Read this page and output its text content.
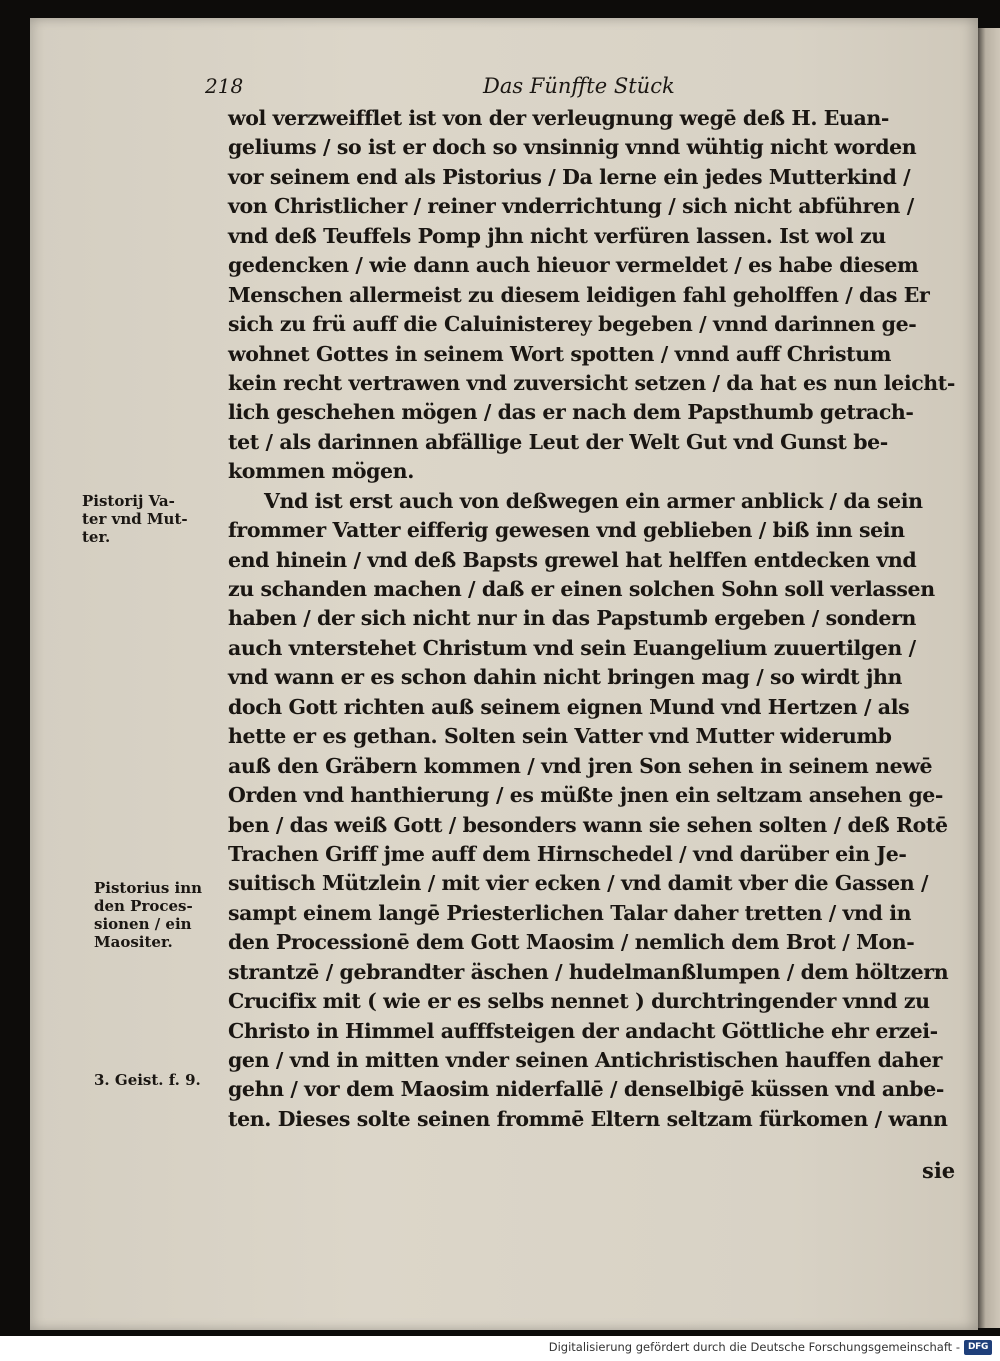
218	Das Fünffte Stück
wol verzweifflet ist von der verleugnung wegē deß H. Euan-
geliums / so ist er doch so vnsinnig vnnd wühtig nicht worden
vor seinem end als Pistorius / Da lerne ein jedes Mutterkind /
von Christlicher / reiner vnderrichtung / sich nicht abführen /
vnd deß Teuffels Pomp jhn nicht verfüren lassen. Ist wol zu
gedencken / wie dann auch hieuor vermeldet / es habe diesem
Menschen allermeist zu diesem leidigen fahl geholffen / das Er
sich zu frü auff die Caluinisterey begeben / vnnd darinnen ge-
wohnet Gottes in seinem Wort spotten / vnnd auff Christum
kein recht vertrawen vnd zuversicht setzen / da hat es nun leicht-
lich geschehen mögen / das er nach dem Papsthumb getrach-
tet / als darinnen abfällige Leut der Welt Gut vnd Gunst be-
kommen mögen.
Vnd ist erst auch von deßwegen ein armer anblick / da sein
frommer Vatter eifferig gewesen vnd geblieben / biß inn sein
end hinein / vnd deß Bapsts grewel hat helffen entdecken vnd
zu schanden machen / daß er einen solchen Sohn soll verlassen
haben / der sich nicht nur in das Papstumb ergeben / sondern
auch vnterstehet Christum vnd sein Euangelium zuuertilgen /
vnd wann er es schon dahin nicht bringen mag / so wirdt jhn
doch Gott richten auß seinem eignen Mund vnd Hertzen / als
hette er es gethan. Solten sein Vatter vnd Mutter widerumb
auß den Gräbern kommen / vnd jren Son sehen in seinem newē
Orden vnd hanthierung / es müßte jnen ein seltzam ansehen ge-
ben / das weiß Gott / besonders wann sie sehen solten / deß Rotē
Trachen Griff jme auff dem Hirnschedel / vnd darüber ein Je-
suitisch Mützlein / mit vier ecken / vnd damit vber die Gassen /
sampt einem langē Priesterlichen Talar daher tretten / vnd in
den Processionē dem Gott Maosim / nemlich dem Brot / Mon-
strantzē / gebrandter äschen / hudelmanßlumpen / dem höltzern
Crucifix mit ( wie er es selbs nennet ) durchtringender vnnd zu
Christo in Himmel aufffsteigen der andacht Göttliche ehr erzei-
gen / vnd in mitten vnder seinen Antichristischen hauffen daher
gehn / vor dem Maosim niderfallē / denselbigē küssen vnd anbe-
ten. Dieses solte seinen frommē Eltern seltzam fürkomen / wann
Pistorij Va-
ter vnd Mut-
ter.
Pistorius inn
den Proces-
sionen / ein
Maositer.
3. Geist. f. 9.
sie
Digitalisierung gefördert durch die Deutsche Forschungsgemeinschaft - DFG
